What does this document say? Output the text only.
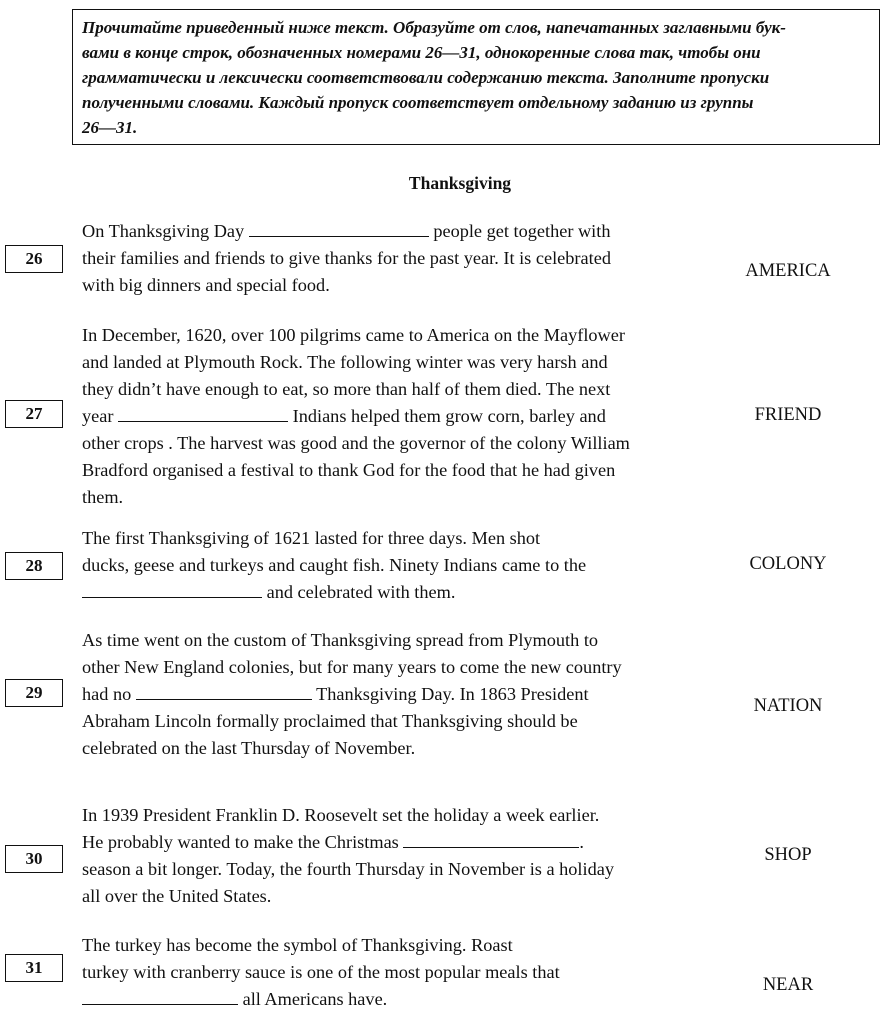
Прочитайте приведенный ниже текст. Образуйте от слов, напечатанных заглавными бук-
вами в конце строк, обозначенных номерами 26—31, однокоренные слова так, чтобы они
грамматически и лексически соответствовали содержанию текста. Заполните пропуски
полученными словами. Каждый пропуск соответствует отдельному заданию из группы
26—31.
Thanksgiving
26
On Thanksgiving Day	people get together with
their families and friends to give thanks for the past year. It is celebrated
with big dinners and special food.
AMERICA
27
In December, 1620, over 100 pilgrims came to America on the Mayflower
and landed at Plymouth Rock. The following winter was very harsh and
they didn’t have enough to eat, so more than half of them died. The next
year	Indians helped them grow corn, barley and
other crops . The harvest was good and the governor of the colony William
Bradford organised a festival to thank God for the food that he had given
them.
FRIEND
28
The first Thanksgiving of 1621 lasted for three days. Men shot
ducks, geese and turkeys and caught fish. Ninety Indians came to the
and celebrated with them.
COLONY
29
As time went on the custom of Thanksgiving spread from Plymouth to
other New England colonies, but for many years to come the new country
had no	Thanksgiving Day. In 1863 President
Abraham Lincoln formally proclaimed that Thanksgiving should be
celebrated on the last Thursday of November.
NATION
30
In 1939 President Franklin D. Roosevelt set the holiday a week earlier.
He probably wanted to make the Christmas	.
season a bit longer. Today, the fourth Thursday in November is a holiday
all over the United States.
SHOP
31
The turkey has become the symbol of Thanksgiving. Roast
turkey with cranberry sauce is one of the most popular meals that
all Americans have.
NEAR
